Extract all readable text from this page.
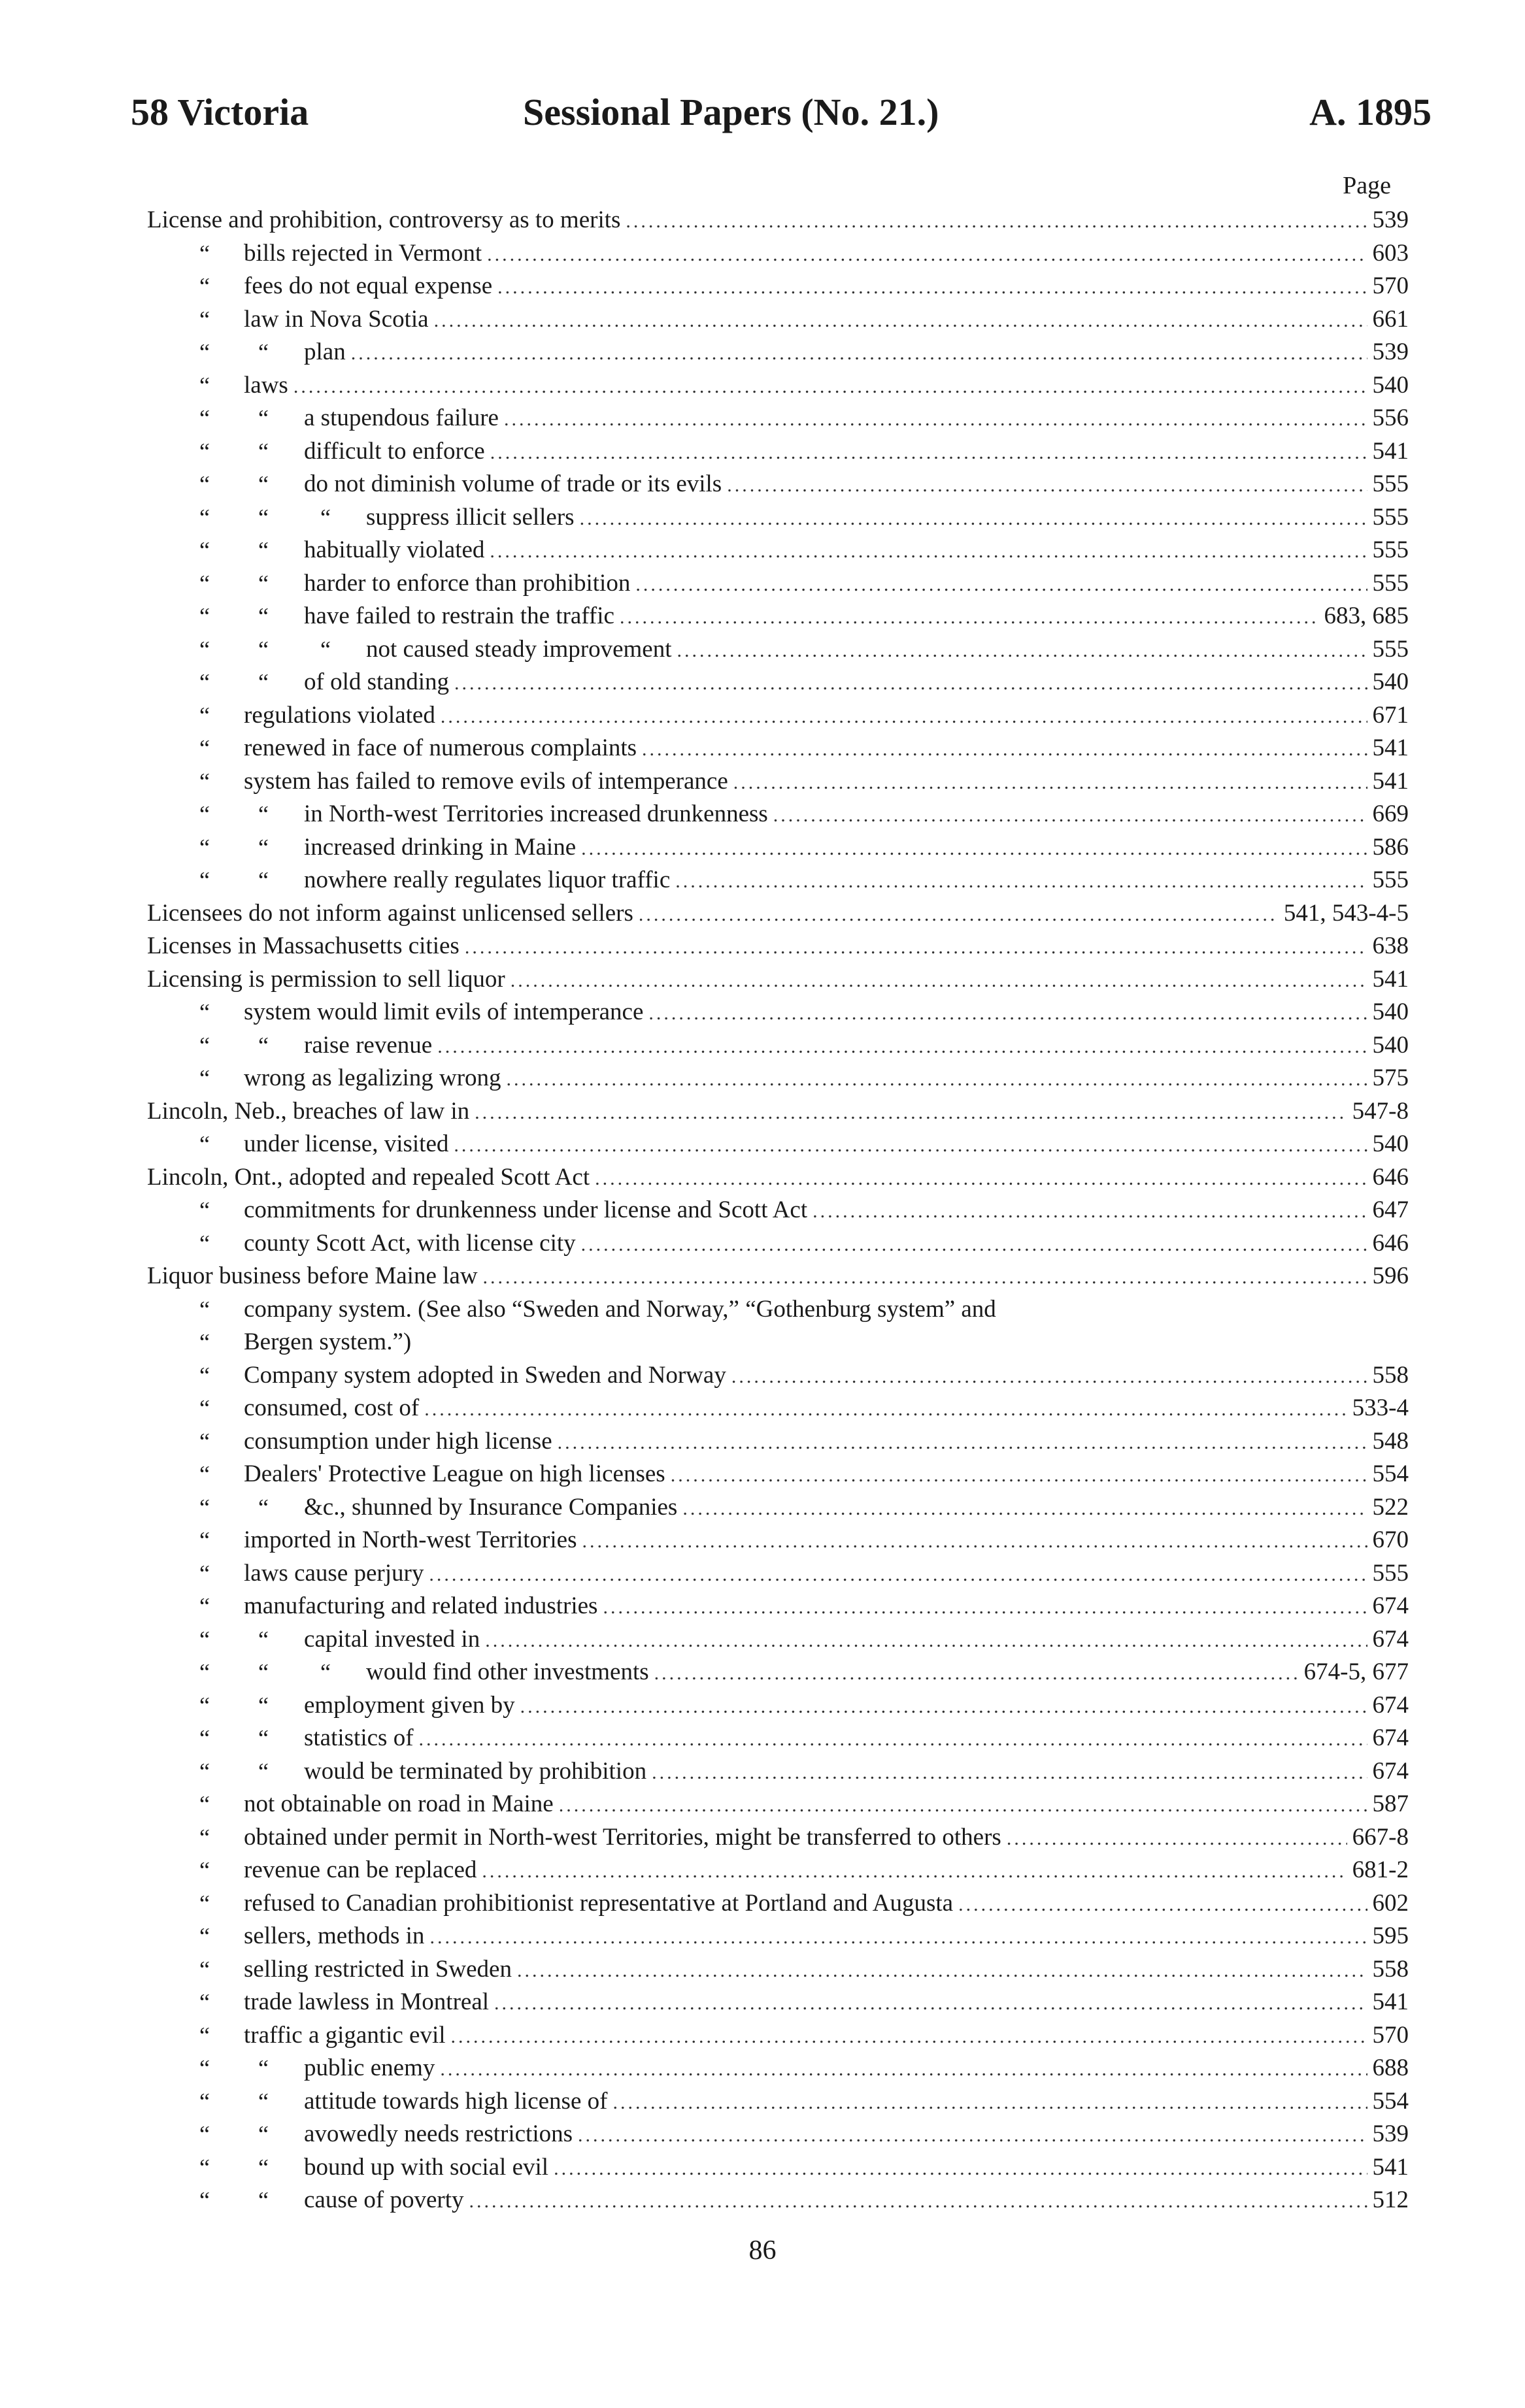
58 Victoria	Sessional Papers (No. 21.)	A. 1895
Page
License and prohibition, controversy as to merits .....	539
“ bills rejected in Vermont .....	603
“ fees do not equal expense .....	570
“ law in Nova Scotia .....	661
“ “ plan .....	539
“ laws .....	540
“ “ a stupendous failure .....	556
“ “ difficult to enforce .....	541
“ “ do not diminish volume of trade or its evils .....	555
“ “ “ suppress illicit sellers .....	555
“ “ habitually violated .....	555
“ “ harder to enforce than prohibition .....	555
“ “ have failed to restrain the traffic .....	683, 685
“ “ “ not caused steady improvement .....	555
“ “ of old standing .....	540
“ regulations violated .....	671
“ renewed in face of numerous complaints .....	541
“ system has failed to remove evils of intemperance .....	541
“ “ in North-west Territories increased drunkenness .....	669
“ “ increased drinking in Maine .....	586
“ “ nowhere really regulates liquor traffic .....	555
Licensees do not inform against unlicensed sellers .....	541, 543-4-5
Licenses in Massachusetts cities .....	638
Licensing is permission to sell liquor .....	541
“ system would limit evils of intemperance .....	540
“ “ raise revenue .....	540
“ wrong as legalizing wrong .....	575
Lincoln, Neb., breaches of law in .....	547-8
“ under license, visited .....	540
Lincoln, Ont., adopted and repealed Scott Act .....	646
“ commitments for drunkenness under license and Scott Act .....	647
“ county Scott Act, with license city .....	646
Liquor business before Maine law .....	596
“ company system. (See also “Sweden and Norway,” “Gothenburg system” and
“ Bergen system.”)
“ Company system adopted in Sweden and Norway .....	558
“ consumed, cost of .....	533-4
“ consumption under high license .....	548
“ Dealers' Protective League on high licenses .....	554
“ “ &c., shunned by Insurance Companies .....	522
“ imported in North-west Territories .....	670
“ laws cause perjury .....	555
“ manufacturing and related industries .....	674
“ “ capital invested in .....	674
“ “ “ would find other investments .....	674-5, 677
“ “ employment given by .....	674
“ “ statistics of .....	674
“ “ would be terminated by prohibition .....	674
“ not obtainable on road in Maine .....	587
“ obtained under permit in North-west Territories, might be transferred to others .....	667-8
“ revenue can be replaced .....	681-2
“ refused to Canadian prohibitionist representative at Portland and Augusta .....	602
“ sellers, methods in .....	595
“ selling restricted in Sweden .....	558
“ trade lawless in Montreal .....	541
“ traffic a gigantic evil .....	570
“ “ public enemy .....	688
“ “ attitude towards high license of .....	554
“ “ avowedly needs restrictions .....	539
“ “ bound up with social evil .....	541
“ “ cause of poverty .....	512
86
